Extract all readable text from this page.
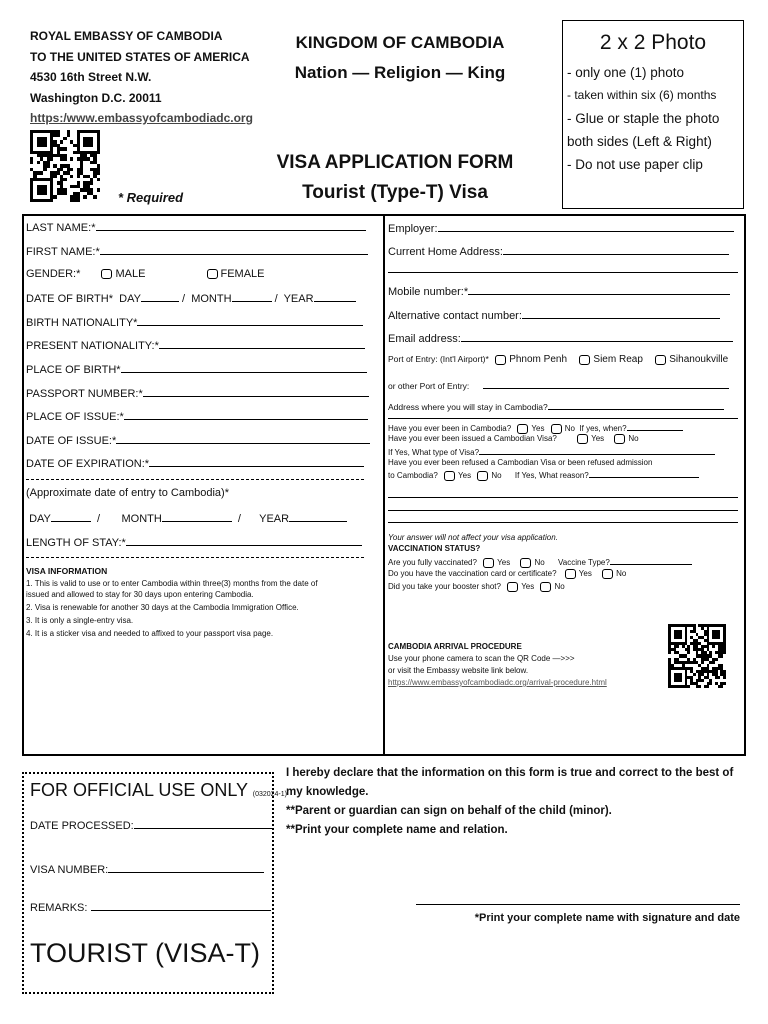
ROYAL EMBASSY OF CAMBODIA
TO THE UNITED STATES OF AMERICA
4530 16th Street N.W.
Washington D.C. 20011
https:/www.embassyofcambodiadc.org
KINGDOM OF CAMBODIA
Nation — Religion — King
VISA APPLICATION FORM
Tourist (Type-T) Visa
* Required
2 x 2 Photo
- only one (1) photo
- taken within six (6) months
- Glue or staple the photo
both sides (Left & Right)
- Do not use paper clip
LAST NAME:*
FIRST NAME:*
GENDER:*	MALE	FEMALE
DATE OF BIRTH* DAY	/ MONTH	/ YEAR
BIRTH NATIONALITY*
PRESENT NATIONALITY:*
PLACE OF BIRTH*
PASSPORT NUMBER:*
PLACE OF ISSUE:*
DATE OF ISSUE:*
DATE OF EXPIRATION:*
(Approximate date of entry to Cambodia)*
DAY	/ MONTH	/ YEAR
LENGTH OF STAY:*
VISA INFORMATION
1. This is valid to use or to enter Cambodia within three(3) months from the date of
issued and allowed to stay for 30 days upon entering Cambodia.
2. Visa is renewable for another 30 days at the Cambodia Immigration Office.
3. It is only a single-entry visa.
4. It is a sticker visa and needed to affixed to your passport visa page.
Employer:
Current Home Address:
Mobile number:*
Alternative contact number:
Email address:
Port of Entry: (Int'l Airport)* Phnom Penh	Siem Reap	Sihanoukville
or other Port of Entry:
Address where you will stay in Cambodia?
Have you ever been in Cambodia?	Yes	No If yes, when?
Have you ever been issued a Cambodian Visa?	Yes	No
If Yes, What type of Visa?
Have you ever been refused a Cambodian Visa or been refused admission
to Cambodia?	Yes	No If Yes, What reason?
Your answer will not affect your visa application.
VACCINATION STATUS?
Are you fully vaccinated?	Yes	No Vaccine Type?
Do you have the vaccination card or certificate?	Yes	No
Did you take your booster shot?	Yes	No
CAMBODIA ARRIVAL PROCEDURE
Use your phone camera to scan the QR Code —>>>
or visit the Embassy website link below.
https://www.embassyofcambodiadc.org/arrival-procedure.html
FOR OFFICIAL USE ONLY (032024-1)
DATE PROCESSED:
VISA NUMBER:
REMARKS:
TOURIST (VISA-T)
I hereby declare that the information on this form is true and correct to the best of my knowledge.
**Parent or guardian can sign on behalf of the child (minor).
**Print your complete name and relation.
*Print your complete name with signature and date
